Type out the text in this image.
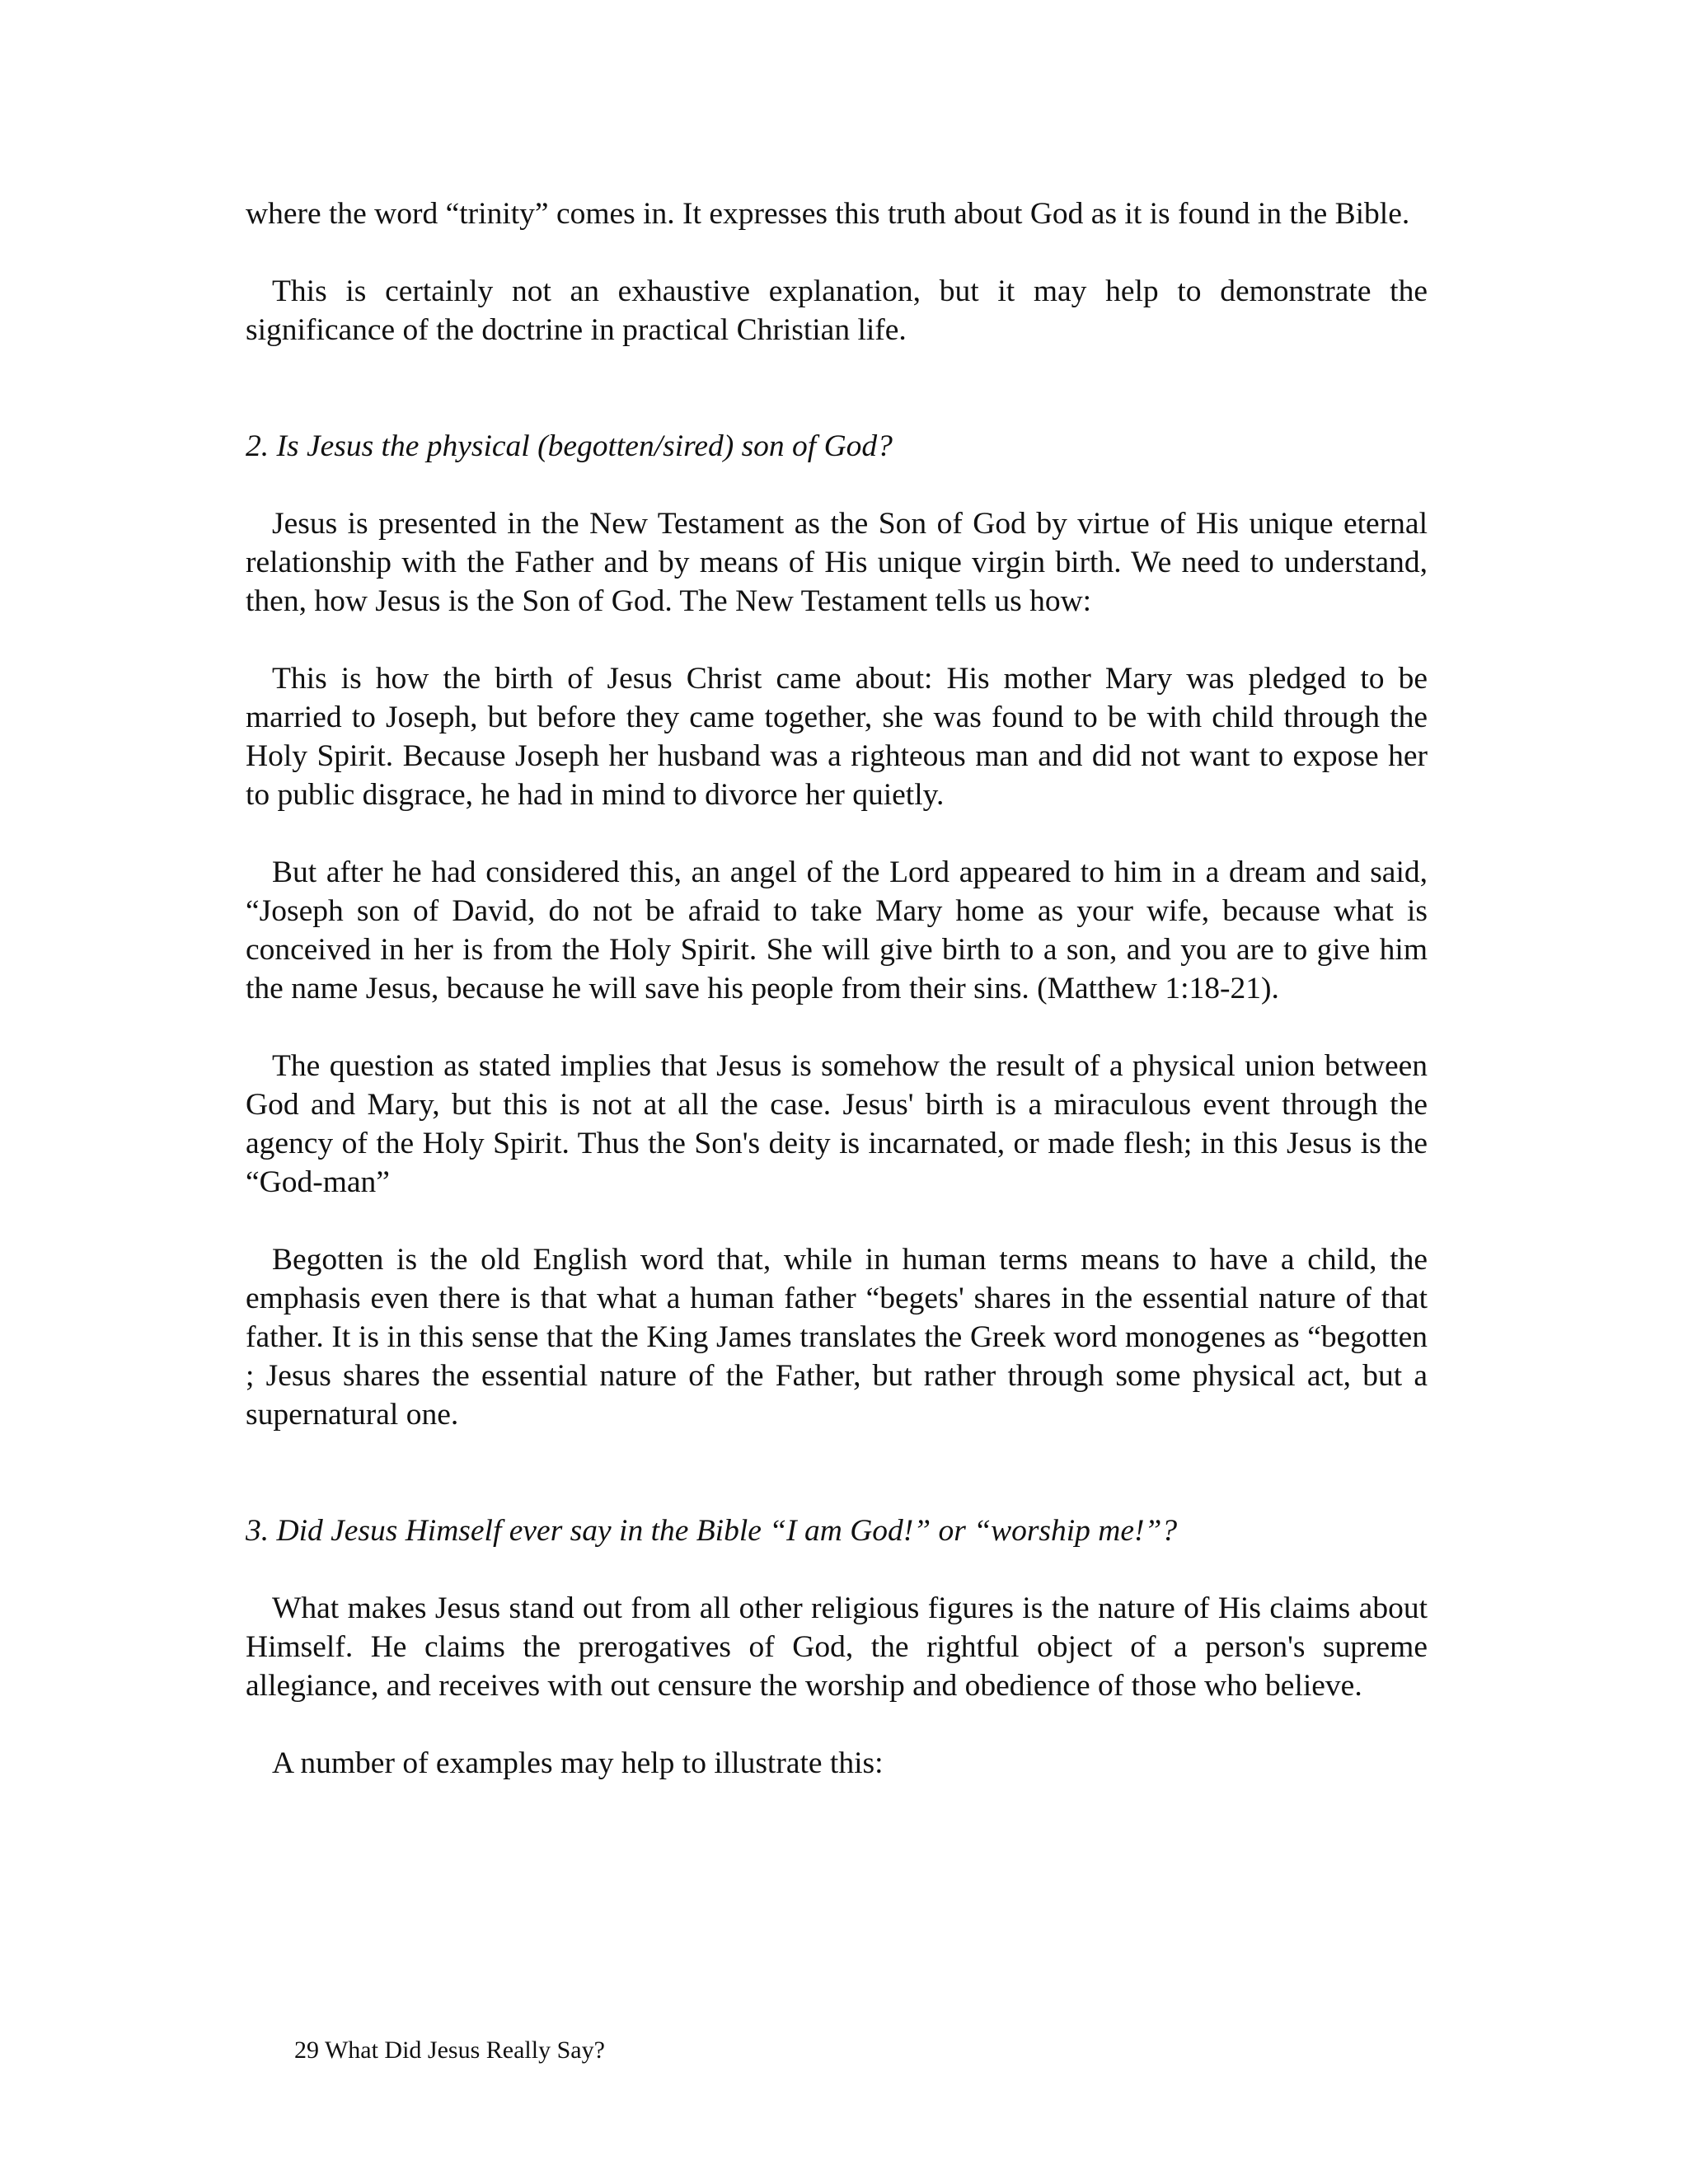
where the word “trinity” comes in. It expresses this truth about God as it is found in the Bible.

This is certainly not an exhaustive explanation, but it may help to demonstrate the significance of the doctrine in practical Christian life.

2. Is Jesus the physical (begotten/sired) son of God?

Jesus is presented in the New Testament as the Son of God by virtue of His unique eternal relationship with the Father and by means of His unique virgin birth. We need to understand, then, how Jesus is the Son of God. The New Testament tells us how:

This is how the birth of Jesus Christ came about: His mother Mary was pledged to be married to Joseph, but before they came together, she was found to be with child through the Holy Spirit. Because Joseph her husband was a righteous man and did not want to expose her to public disgrace, he had in mind to divorce her quietly.

But after he had considered this, an angel of the Lord appeared to him in a dream and said, “Joseph son of David, do not be afraid to take Mary home as your wife, because what is conceived in her is from the Holy Spirit. She will give birth to a son, and you are to give him the name Jesus, because he will save his people from their sins. (Matthew 1:18-21).

The question as stated implies that Jesus is somehow the result of a physical union between God and Mary, but this is not at all the case. Jesus' birth is a miraculous event through the agency of the Holy Spirit. Thus the Son's deity is incarnated, or made flesh; in this Jesus is the “God-man”

Begotten is the old English word that, while in human terms means to have a child, the emphasis even there is that what a human father “begets' shares in the essential nature of that father. It is in this sense that the King James translates the Greek word monogenes as “begotten ; Jesus shares the essential nature of the Father, but rather through some physical act, but a supernatural one.

3. Did Jesus Himself ever say in the Bible “I am God!” or “worship me!”?

What makes Jesus stand out from all other religious figures is the nature of His claims about Himself. He claims the prerogatives of God, the rightful object of a person's supreme allegiance, and receives with out censure the worship and obedience of those who believe.

A number of examples may help to illustrate this:

29 What Did Jesus Really Say?
